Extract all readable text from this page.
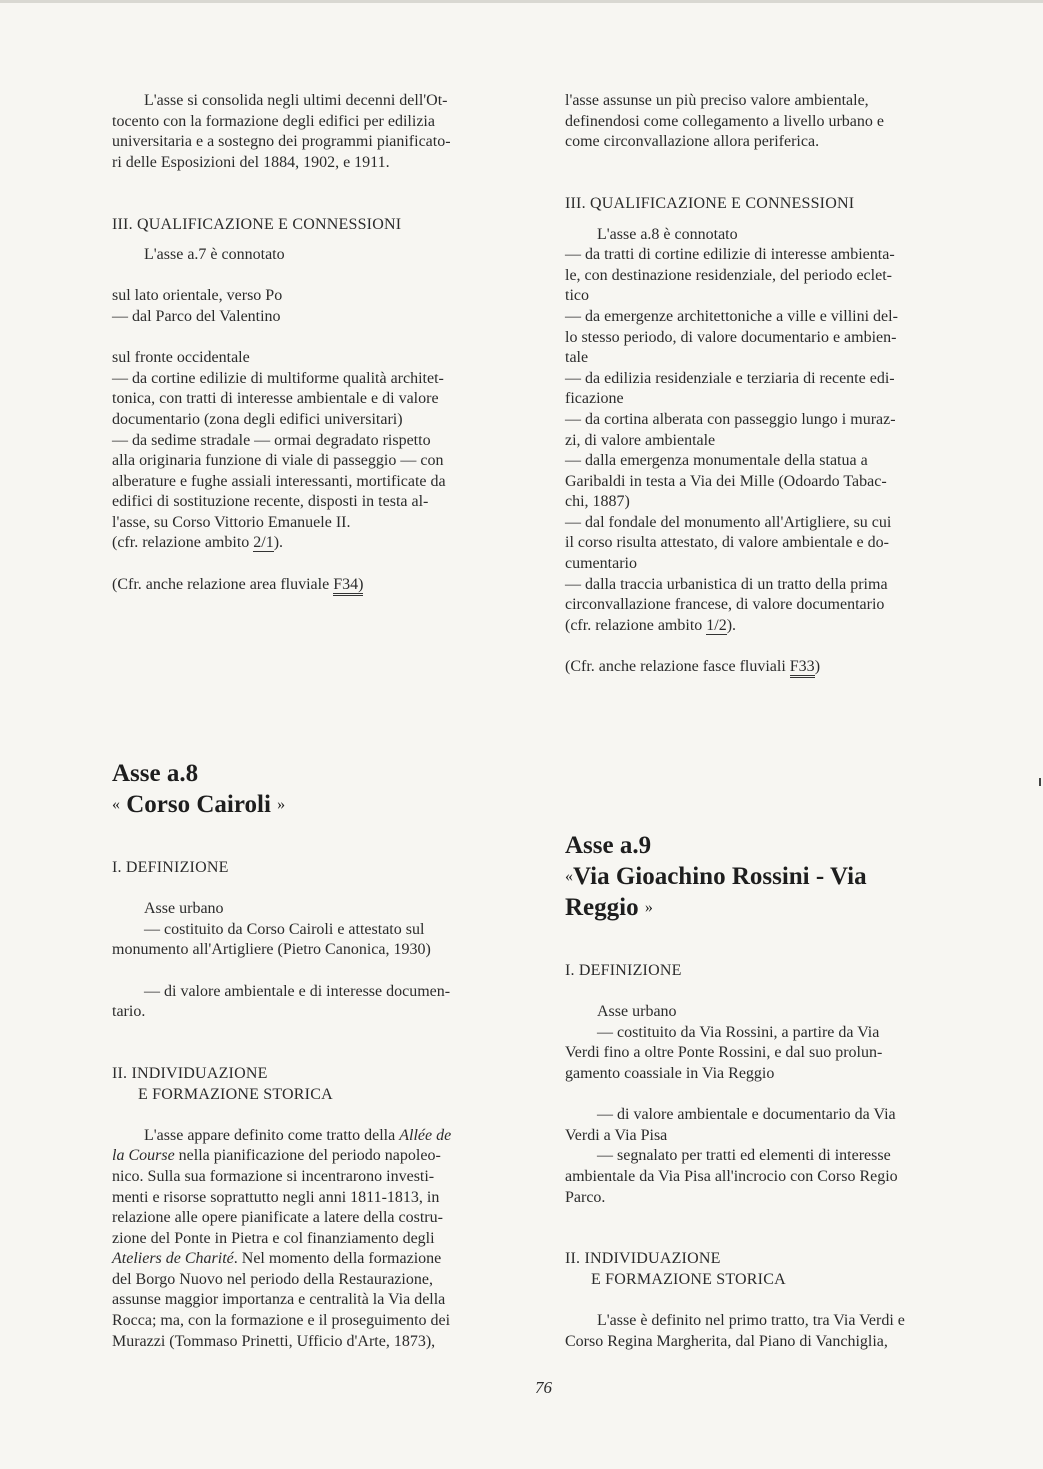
L'asse si consolida negli ultimi decenni dell'Ot-

tocento con la formazione degli edifici per edilizia

universitaria e a sostegno dei programmi pianificato-

ri delle Esposizioni del 1884, 1902, e 1911.

III. QUALIFICAZIONE E CONNESSIONI

L'asse a.7 è connotato

sul lato orientale, verso Po

— dal Parco del Valentino

sul fronte occidentale

— da cortine edilizie di multiforme qualità architet-

tonica, con tratti di interesse ambientale e di valore

documentario (zona degli edifici universitari)

— da sedime stradale — ormai degradato rispetto

alla originaria funzione di viale di passeggio — con

alberature e fughe assiali interessanti, mortificate da

edifici di sostituzione recente, disposti in testa al-

l'asse, su Corso Vittorio Emanuele II.

(cfr. relazione ambito 2/1).

(Cfr. anche relazione area fluviale F34)

l'asse assunse un più preciso valore ambientale,

definendosi come collegamento a livello urbano e

come circonvallazione allora periferica.

III. QUALIFICAZIONE E CONNESSIONI

L'asse a.8 è connotato

— da tratti di cortine edilizie di interesse ambienta-

le, con destinazione residenziale, del periodo eclet-

tico

— da emergenze architettoniche a ville e villini del-

lo stesso periodo, di valore documentario e ambien-

tale

— da edilizia residenziale e terziaria di recente edi-

ficazione

— da cortina alberata con passeggio lungo i muraz-

zi, di valore ambientale

— dalla emergenza monumentale della statua a

Garibaldi in testa a Via dei Mille (Odoardo Tabac-

chi, 1887)

— dal fondale del monumento all'Artigliere, su cui

il corso risulta attestato, di valore ambientale e do-

cumentario

— dalla traccia urbanistica di un tratto della prima

circonvallazione francese, di valore documentario

(cfr. relazione ambito 1/2).

(Cfr. anche relazione fasce fluviali F33)

Asse a.8
« Corso Cairoli »

I. DEFINIZIONE

Asse urbano

— costituito da Corso Cairoli e attestato sul

monumento all'Artigliere (Pietro Canonica, 1930)

— di valore ambientale e di interesse documen-

tario.

II. INDIVIDUAZIONE

E FORMAZIONE STORICA

L'asse appare definito come tratto della Allée de

la Course nella pianificazione del periodo napoleo-

nico. Sulla sua formazione si incentrarono investi-

menti e risorse soprattutto negli anni 1811-1813, in

relazione alle opere pianificate a latere della costru-

zione del Ponte in Pietra e col finanziamento degli

Ateliers de Charité. Nel momento della formazione

del Borgo Nuovo nel periodo della Restaurazione,

assunse maggior importanza e centralità la Via della

Rocca; ma, con la formazione e il proseguimento dei

Murazzi (Tommaso Prinetti, Ufficio d'Arte, 1873),

Asse a.9
«Via Gioachino Rossini - Via
Reggio »

I. DEFINIZIONE

Asse urbano

— costituito da Via Rossini, a partire da Via

Verdi fino a oltre Ponte Rossini, e dal suo prolun-

gamento coassiale in Via Reggio

— di valore ambientale e documentario da Via

Verdi a Via Pisa

— segnalato per tratti ed elementi di interesse

ambientale da Via Pisa all'incrocio con Corso Regio

Parco.

II. INDIVIDUAZIONE

E FORMAZIONE STORICA

L'asse è definito nel primo tratto, tra Via Verdi e

Corso Regina Margherita, dal Piano di Vanchiglia,

76
